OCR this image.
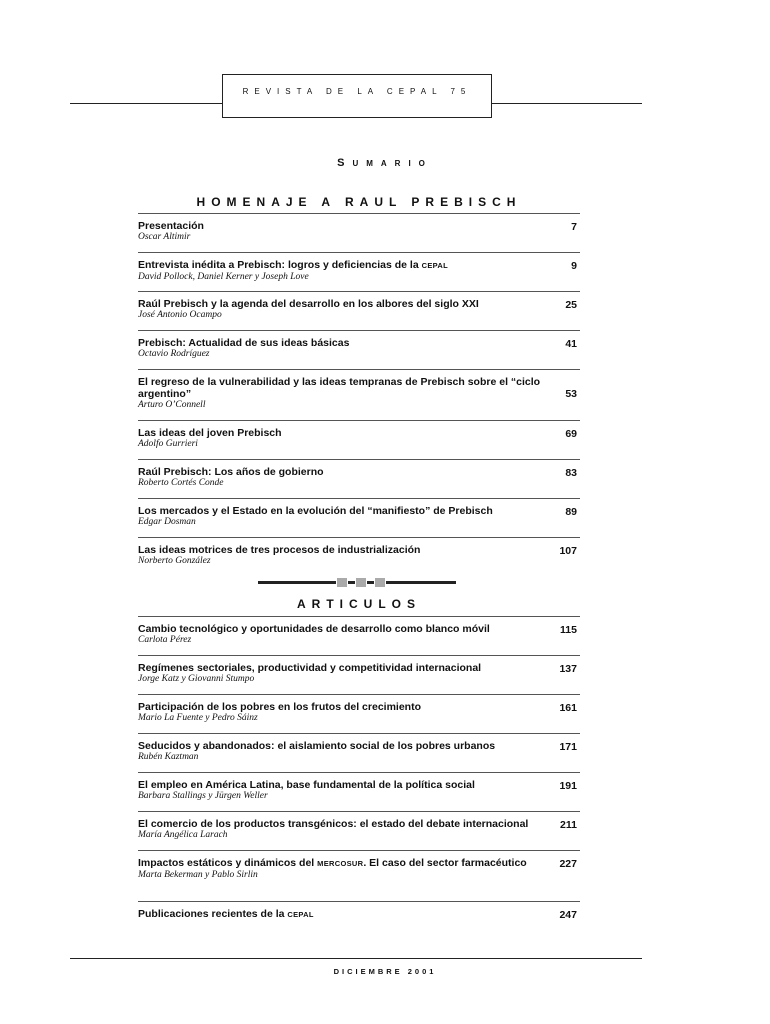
REVISTA DE LA CEPAL 75
Sumario
HOMENAJE A RAUL PREBISCH
Presentación
Oscar Altimir
7
Entrevista inédita a Prebisch: logros y deficiencias de la CEPAL
David Pollock, Daniel Kerner y Joseph Love
9
Raúl Prebisch y la agenda del desarrollo en los albores del siglo XXI
José Antonio Ocampo
25
Prebisch: Actualidad de sus ideas básicas
Octavio Rodríguez
41
El regreso de la vulnerabilidad y las ideas tempranas de Prebisch sobre el “ciclo argentino”
Arturo O’Connell
53
Las ideas del joven Prebisch
Adolfo Gurrieri
69
Raúl Prebisch: Los años de gobierno
Roberto Cortés Conde
83
Los mercados y el Estado en la evolución del “manifiesto” de Prebisch
Edgar Dosman
89
Las ideas motrices de tres procesos de industrialización
Norberto González
107
ARTICULOS
Cambio tecnológico y oportunidades de desarrollo como blanco móvil
Carlota Pérez
115
Regímenes sectoriales, productividad y competitividad internacional
Jorge Katz y Giovanni Stumpo
137
Participación de los pobres en los frutos del crecimiento
Mario La Fuente y Pedro Sáinz
161
Seducidos y abandonados: el aislamiento social de los pobres urbanos
Rubén Kaztman
171
El empleo en América Latina, base fundamental de la política social
Barbara Stallings y Jürgen Weller
191
El comercio de los productos transgénicos: el estado del debate internacional
María Angélica Larach
211
Impactos estáticos y dinámicos del MERCOSUR. El caso del sector farmacéutico
Marta Bekerman y Pablo Sirlin
227
Publicaciones recientes de la CEPAL	247
DICIEMBRE 2001
